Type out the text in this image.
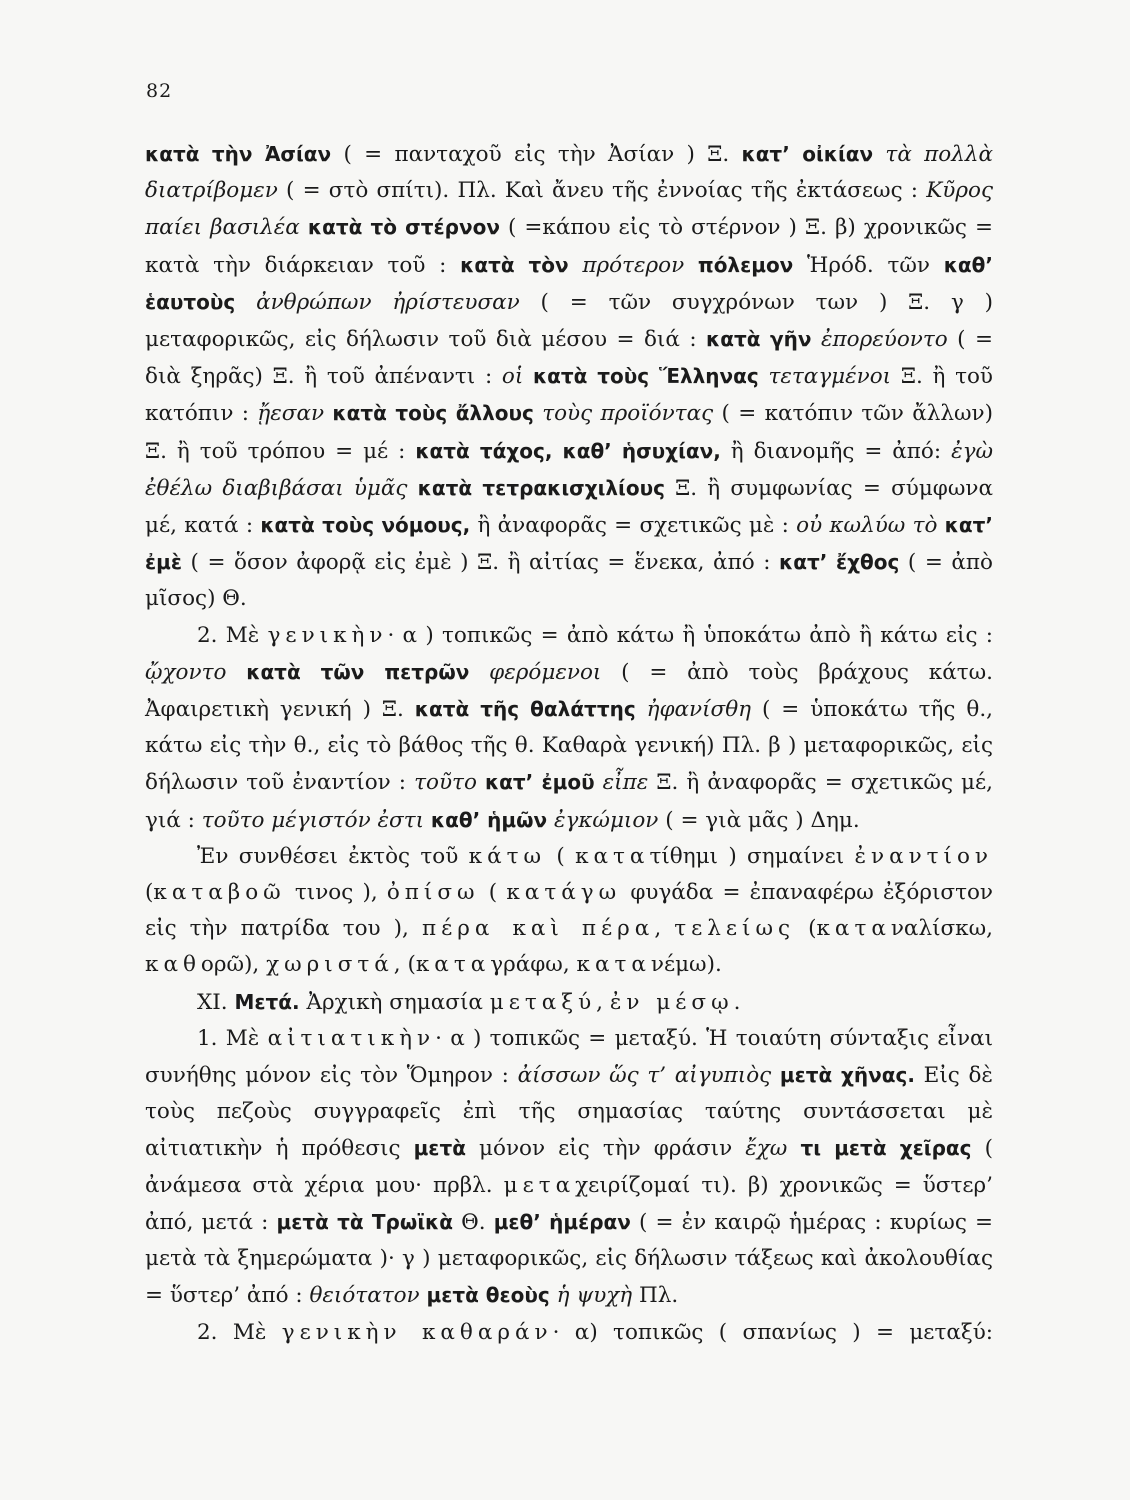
82

κατὰ τὴν Ἀσίαν ( = πανταχοῦ εἰς τὴν Ἀσίαν ) Ξ. κατ’ οἰκίαν τὰ πολλὰ διατρίβομεν ( = στὸ σπίτι). Πλ. Καὶ ἄνευ τῆς ἐννοίας τῆς ἐκτάσεως : Κῦρος παίει βασιλέα κατὰ τὸ στέρνον ( =κάπου εἰς τὸ στέρνον ) Ξ. β) χρονικῶς = κατὰ τὴν διάρκειαν τοῦ : κατὰ τὸν πρότερον πόλεμον Ἡρόδ. τῶν καθ’ ἑαυτοὺς ἀνθρώπων ἠρίστευσαν ( = τῶν συγχρόνων των ) Ξ. γ ) μεταφορικῶς, εἰς δήλωσιν τοῦ διὰ μέσου = διά : κατὰ γῆν ἐπορεύοντο ( = διὰ ξηρᾶς) Ξ. ἢ τοῦ ἀπέναντι : οἱ κατὰ τοὺς Ἕλληνας τεταγμένοι Ξ. ἢ τοῦ κατόπιν : ᾔεσαν κατὰ τοὺς ἄλλους τοὺς προϊόντας ( = κατόπιν τῶν ἄλλων) Ξ. ἢ τοῦ τρόπου = μέ : κατὰ τάχος, καθ’ ἡσυχίαν, ἢ διανομῆς = ἀπό: ἐγὼ ἐθέλω διαβιβάσαι ὑμᾶς κατὰ τετρακισχιλίους Ξ. ἢ συμφωνίας = σύμφωνα μέ, κατά : κατὰ τοὺς νόμους, ἢ ἀναφορᾶς = σχετικῶς μὲ : οὐ κωλύω τὸ κατ’ ἐμὲ ( = ὅσον ἀφορᾷ εἰς ἐμὲ ) Ξ. ἢ αἰτίας = ἕνεκα, ἀπό : κατ’ ἔχθος ( = ἀπὸ μῖσος) Θ.

2. Μὲ γενικὴν· α ) τοπικῶς = ἀπὸ κάτω ἢ ὑποκάτω ἀπὸ ἢ κάτω εἰς : ᾤχοντο κατὰ τῶν πετρῶν φερόμενοι ( = ἀπὸ τοὺς βράχους κάτω. Ἀφαιρετικὴ γενική ) Ξ. κατὰ τῆς θαλάττης ἠφανίσθη ( = ὑποκάτω τῆς θ., κάτω εἰς τὴν θ., εἰς τὸ βάθος τῆς θ. Καθαρὰ γενική) Πλ. β ) μεταφορικῶς, εἰς δήλωσιν τοῦ ἐναντίον : τοῦτο κατ’ ἐμοῦ εἶπε Ξ. ἢ ἀναφορᾶς = σχετικῶς μέ, γιά : τοῦτο μέγιστόν ἐστι καθ’ ἡμῶν ἐγκώμιον ( = γιὰ μᾶς ) Δημ.

Ἐν συνθέσει ἐκτὸς τοῦ κάτω ( κατατίθημι ) σημαίνει ἐναντίον (καταβοῶ τινος ), ὀπίσω ( κατάγω φυγάδα = ἐπαναφέρω ἐξόριστον εἰς τὴν πατρίδα του ), πέρα καὶ πέρα, τελείως (καταναλίσκω, καθορῶ), χωριστά, (καταγράφω, κατανέμω).

XI. Μετά. Ἀρχικὴ σημασία μεταξύ, ἐν μέσῳ.

1. Μὲ αἰτιατικὴν· α ) τοπικῶς = μεταξύ. Ἡ τοιαύτη σύνταξις εἶναι συνήθης μόνον εἰς τὸν Ὅμηρον : ἀίσσων ὥς τ’ αἰγυπιὸς μετὰ χῆνας. Εἰς δὲ τοὺς πεζοὺς συγγραφεῖς ἐπὶ τῆς σημασίας ταύτης συντάσσεται μὲ αἰτιατικὴν ἡ πρόθεσις μετὰ μόνον εἰς τὴν φράσιν ἔχω τι μετὰ χεῖρας ( ἀνάμεσα στὰ χέρια μου· πρβλ. μεταχειρίζομαί τι). β) χρονικῶς = ὕστερ’ ἀπό, μετά : μετὰ τὰ Τρωϊκὰ Θ. μεθ’ ἡμέραν ( = ἐν καιρῷ ἡμέρας : κυρίως = μετὰ τὰ ξημερώματα )· γ ) μεταφορικῶς, εἰς δήλωσιν τάξεως καὶ ἀκολουθίας = ὕστερ’ ἀπό : θειότατον μετὰ θεοὺς ἡ ψυχὴ Πλ.

2. Μὲ γενικὴν καθαράν· α) τοπικῶς ( σπανίως ) = μεταξύ:
